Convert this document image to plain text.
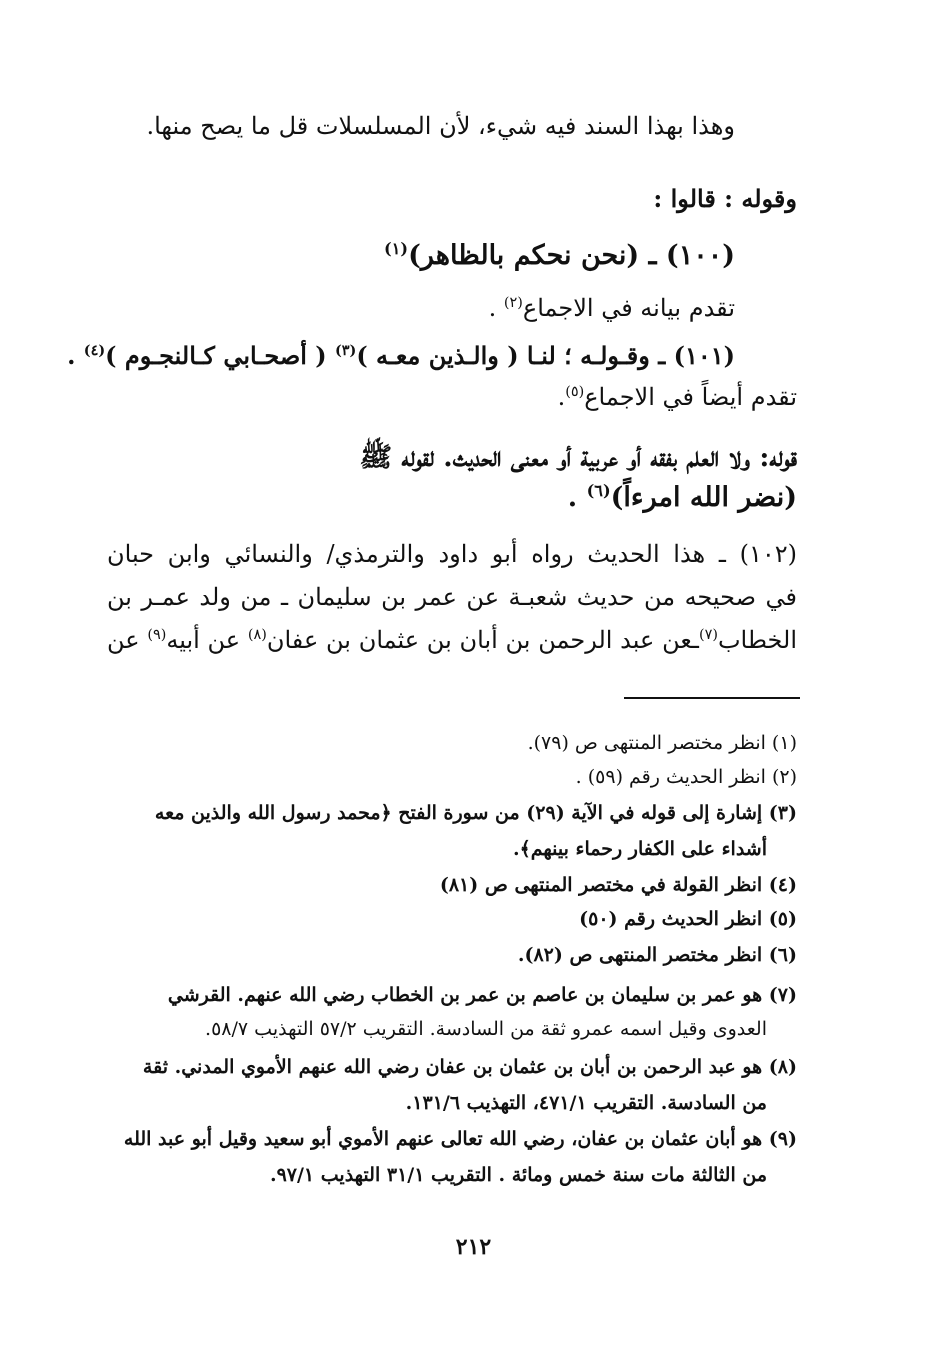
وهذا بهذا السند فيه شيء، لأن المسلسلات قل ما يصح منها.
وقوله : قالوا :
(١٠٠) ـ (نحن نحكم بالظاهر)$^{(١)}$
تقدم بيانه في الاجماع$^{(٢)}$ .
(١٠١) ـ وقـولـه ؛ لنـا ( والـذين معـه )$^{(٣)}$ ( أصحـابي كـالنجـوم )$^{(٤)}$ .
تقدم أيضاً في الاجماع$^{(٥)}$.
قوله: ولا العلم بفقه أو عربية أو معنى الحديث. لقوله ﷺ
(نضر الله امرءاً)$^{(٦)}$ .
(١٠٢) ـ هذا الحديث رواه أبو داود والترمذي/ والنسائي وابن حبان
في صحيحه من حديث شعبـة عن عمر بن سليمان ـ من ولد عمـر بن
الخطاب$^{(٧)}$ـعن عبد الرحمن بن أبان بن عثمان بن عفان$^{(٨)}$ عن أبيه$^{(٩)}$ عن
(١) انظر مختصر المنتهى ص (٧٩).
(٢) انظر الحديث رقم (٥٩) .
(٣) إشارة إلى قوله في الآية (٢٩) من سورة الفتح ﴿محمد رسول الله والذين معه
أشداء على الكفار رحماء بينهم﴾.
(٤) انظر القولة في مختصر المنتهى ص (٨١)
(٥) انظر الحديث رقم (٥٠)
(٦) انظر مختصر المنتهى ص (٨٢).
(٧) هو عمر بن سليمان بن عاصم بن عمر بن الخطاب رضي الله عنهم. القرشي
العدوى وقيل اسمه عمرو ثقة من السادسة. التقريب ٥٧/٢ التهذيب ٥٨/٧.
(٨) هو عبد الرحمن بن أبان بن عثمان بن عفان رضي الله عنهم الأموي المدني. ثقة
من السادسة. التقريب ٤٧١/١، التهذيب ١٣١/٦.
(٩) هو أبان عثمان بن عفان، رضي الله تعالى عنهم الأموي أبو سعيد وقيل أبو عبد الله
من الثالثة مات سنة خمس ومائة . التقريب ٣١/١ التهذيب ٩٧/١.
٢١٢
